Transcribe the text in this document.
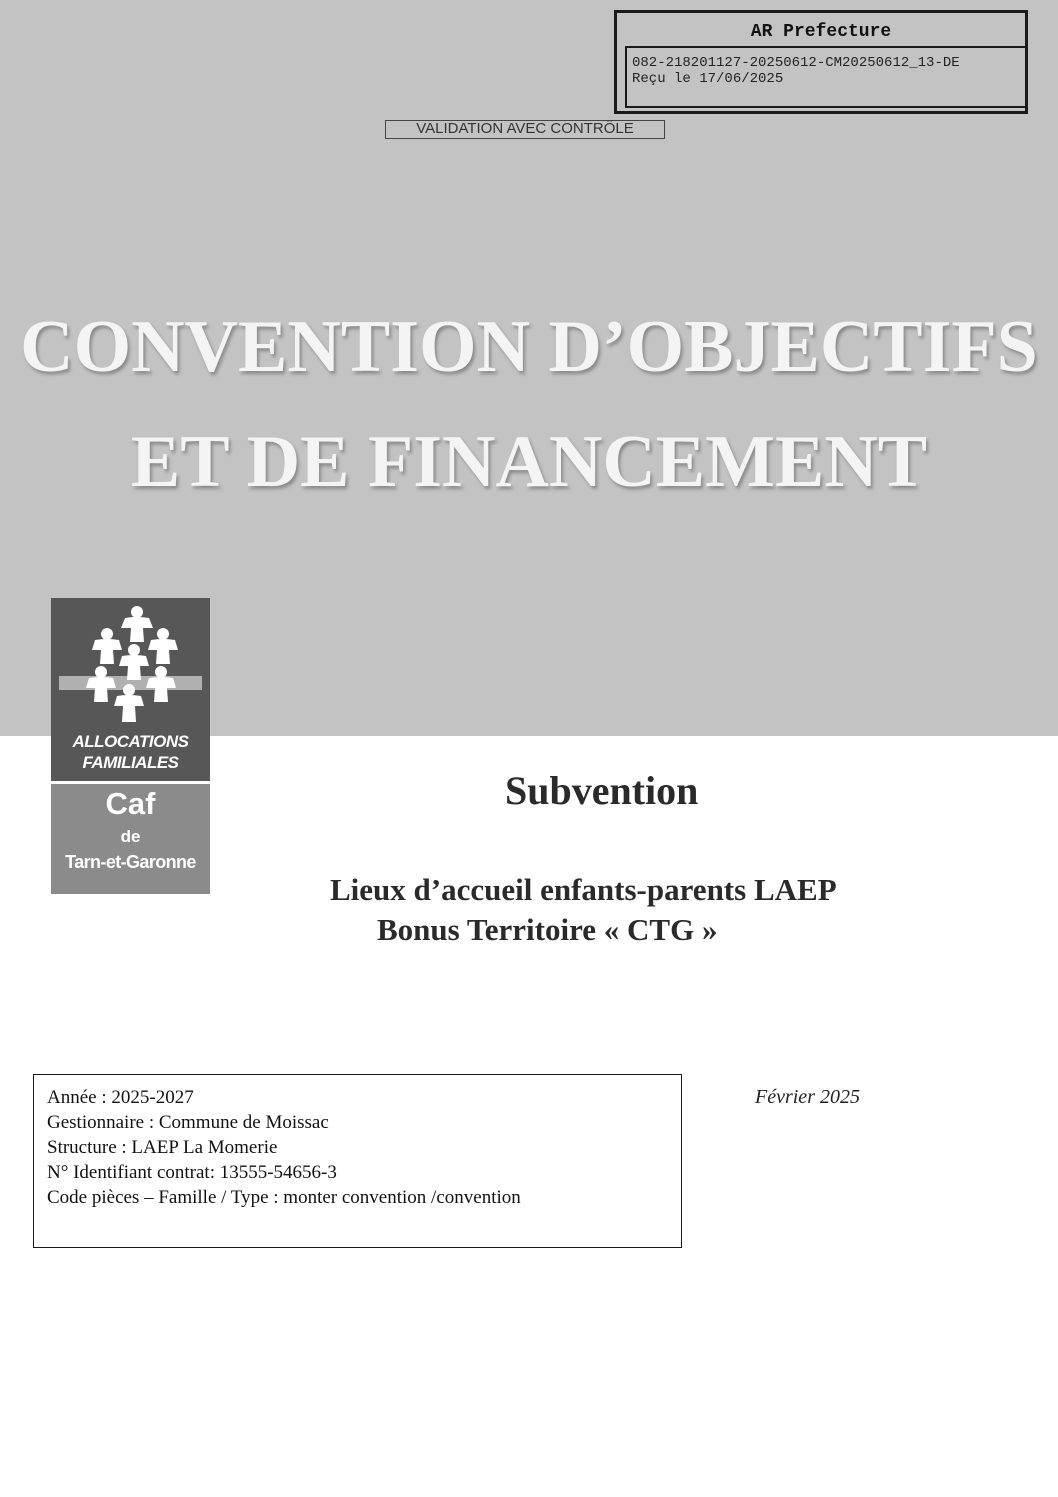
AR Prefecture
082-218201127-20250612-CM20250612_13-DE
Reçu le 17/06/2025
VALIDATION AVEC CONTRÔLE
CONVENTION D’OBJECTIFS
ET DE FINANCEMENT
ALLOCATIONS
FAMILIALES
Caf
de
Tarn-et-Garonne
Subvention
Lieux d’accueil enfants-parents LAEP
Bonus Territoire « CTG »
Année : 2025-2027
Gestionnaire : Commune de Moissac
Structure : LAEP La Momerie
N° Identifiant contrat: 13555-54656-3
Code pièces – Famille / Type : monter convention /convention
Février 2025
